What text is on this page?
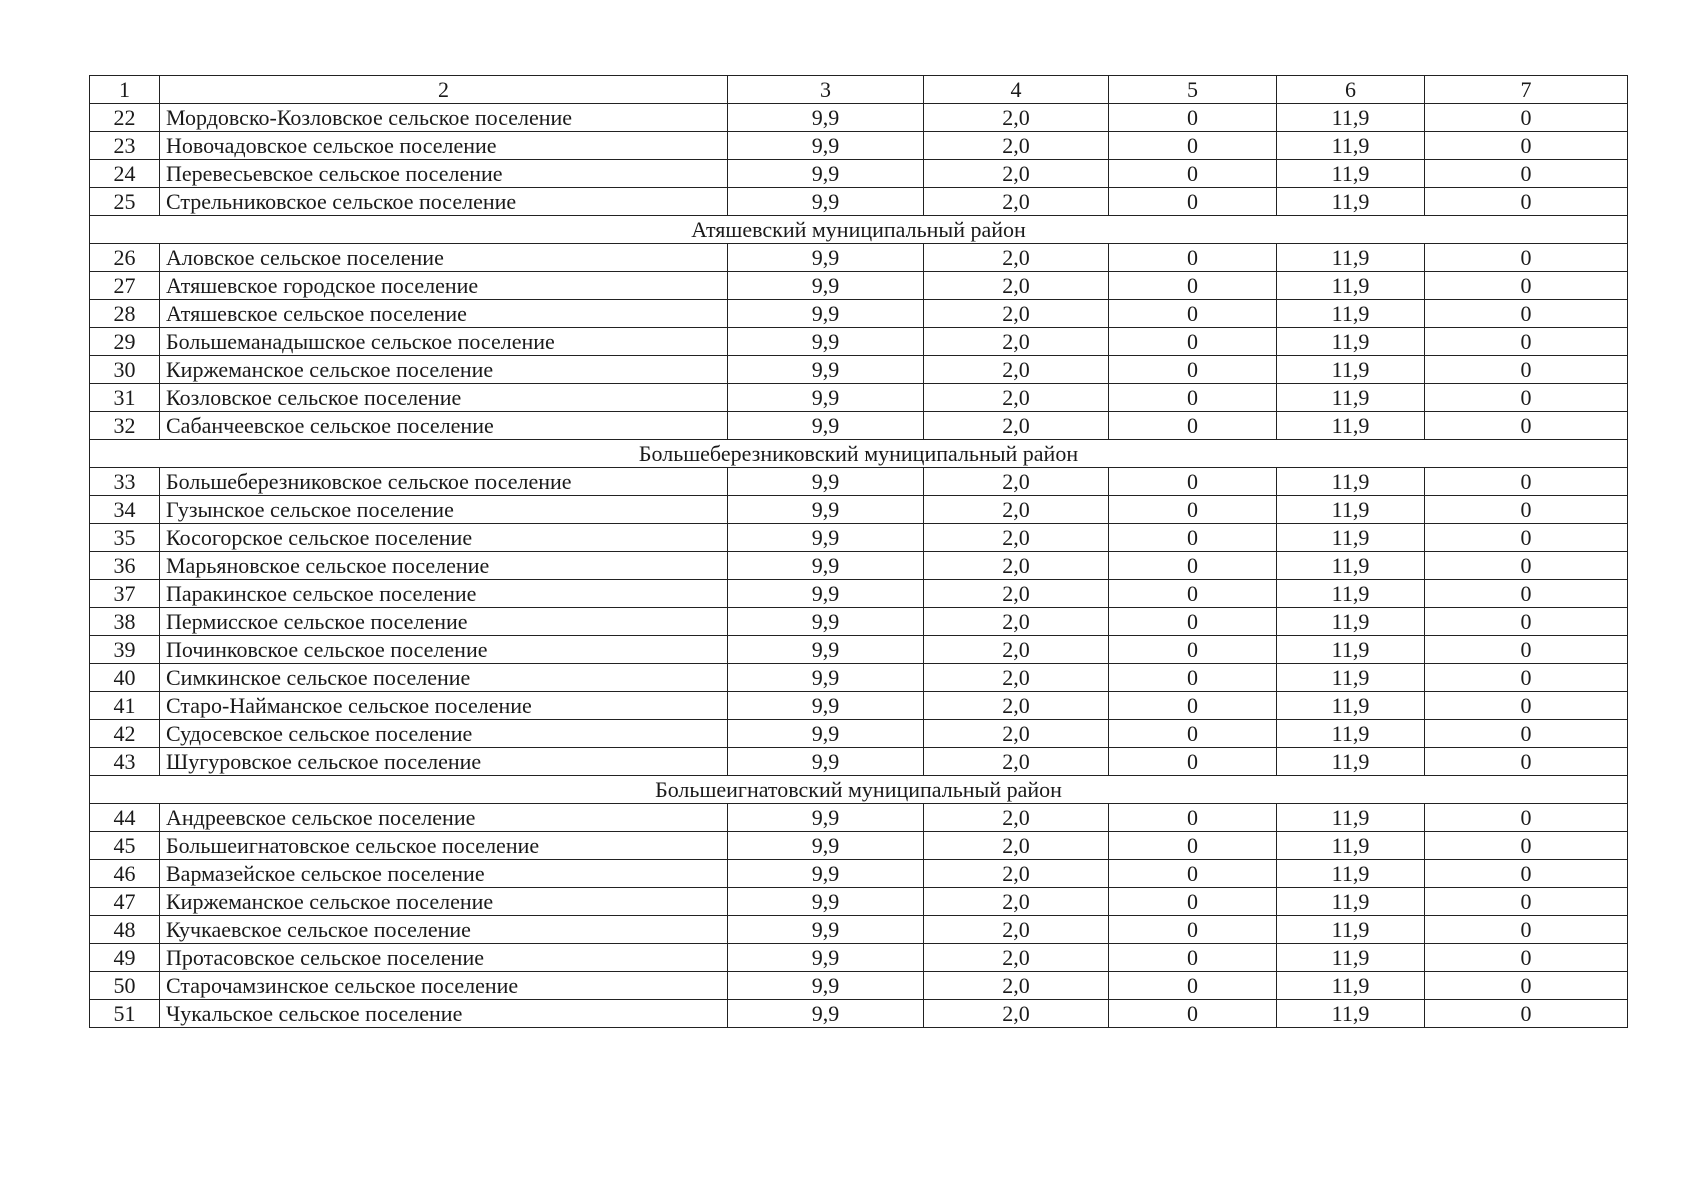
1	2	3	4	5	6	7
22	Мордовско-Козловское сельское поселение	9,9	2,0	0	11,9	0
23	Новочадовское сельское поселение	9,9	2,0	0	11,9	0
24	Перевесьевское сельское поселение	9,9	2,0	0	11,9	0
25	Стрельниковское сельское поселение	9,9	2,0	0	11,9	0
Атяшевский муниципальный район						
26	Аловское сельское поселение	9,9	2,0	0	11,9	0
27	Атяшевское городское поселение	9,9	2,0	0	11,9	0
28	Атяшевское сельское поселение	9,9	2,0	0	11,9	0
29	Большеманадышское сельское поселение	9,9	2,0	0	11,9	0
30	Киржеманское сельское поселение	9,9	2,0	0	11,9	0
31	Козловское сельское поселение	9,9	2,0	0	11,9	0
32	Сабанчеевское сельское поселение	9,9	2,0	0	11,9	0
Большеберезниковский муниципальный район						
33	Большеберезниковское сельское поселение	9,9	2,0	0	11,9	0
34	Гузынское сельское поселение	9,9	2,0	0	11,9	0
35	Косогорское сельское поселение	9,9	2,0	0	11,9	0
36	Марьяновское сельское поселение	9,9	2,0	0	11,9	0
37	Паракинское сельское поселение	9,9	2,0	0	11,9	0
38	Пермисское сельское поселение	9,9	2,0	0	11,9	0
39	Починковское сельское поселение	9,9	2,0	0	11,9	0
40	Симкинское сельское поселение	9,9	2,0	0	11,9	0
41	Старо-Найманское сельское поселение	9,9	2,0	0	11,9	0
42	Судосевское сельское поселение	9,9	2,0	0	11,9	0
43	Шугуровское сельское поселение	9,9	2,0	0	11,9	0
Большеигнатовский муниципальный район						
44	Андреевское сельское поселение	9,9	2,0	0	11,9	0
45	Большеигнатовское сельское поселение	9,9	2,0	0	11,9	0
46	Вармазейское сельское поселение	9,9	2,0	0	11,9	0
47	Киржеманское сельское поселение	9,9	2,0	0	11,9	0
48	Кучкаевское сельское поселение	9,9	2,0	0	11,9	0
49	Протасовское сельское поселение	9,9	2,0	0	11,9	0
50	Старочамзинское сельское поселение	9,9	2,0	0	11,9	0
51	Чукальское сельское поселение	9,9	2,0	0	11,9	0
